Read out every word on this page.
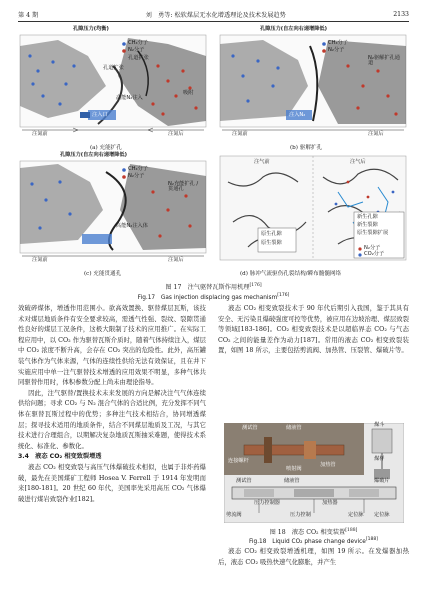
第 4 期	刘　勇等: 松软煤层无水化增透理论及技术发展趋势	2133
孔隙压力(均衡)
CH₄分子
N₂分子
孔道扩张
孔道扩张
吸附
高能N₂注入
注入口
注氮前	注氮后
(a) 充能扩孔
孔隙压力(自左向右递增降低)
CH₄分子
N₂分子
N₂驱解扩孔通道
注入N₂
注氮前	注氮后
(b) 驱解扩孔
孔隙压力(自左向右递增降低)
CH₄分子
N₂分子
N₂充能扩孔 / 贯通孔
高能N₂注入体
注氮前	注氮后
(c) 充能贯通孔
注气前	注气后
原生孔隙
原生裂隙
新生孔隙
新生裂隙
原生裂隙扩展
N₂分子
CO₂分子
(d) 脉冲气流驱伤孔裂结构/瞬布髓髓网络
图 17　注气驱替瓦斯作用机理[176]
Fig.17　Gas injection displacing gas mechanism[176]

效破碎煤体，增透作用范围小。欲高效置换、驱替煤层瓦斯，该技术对煤层地质条件有安全要求较高，需透气性强、裂纹、裂隙贯通性良好的煤层工况条件，这极大限制了技术的应用推广。在实际工程应用中，以 CO₂ 作为驱替瓦斯介质时，随着气体持续注入，煤层中 CO₂ 浓度不断升高，会存在 CO₂ 突出的危险性。此外，高压罐装气体作为气体来源，气体的连续性供给无法有效保证，且在井下实施应用中单一注气驱替技术增透的应用效果不明显，多种气体共同驱替作用时，体积参数分配上尚未由理论指导。

因此，注气驱替/置换技术未来发展的方向是解决注气气体连续供给问题；寻求 CO₂ 与 N₂ 混合气体的合适比例，充分发挥不同气体在驱替瓦斯过程中的优势；多种注气技术相结合，协同增透煤层；探寻技术适用的地质条件，结合不同煤层地质及工况，与其它技术进行合理组合，以期解决复杂地质瓦斯抽采难题，使得技术系统化、标准化、参数化。

3.4　液态 CO₂ 相变致裂增透

液态 CO₂ 相变致裂与高压气体爆破技术相似，也属于非炸药爆破，最先在美国煤矿工程师 Hosea V. Ferrell 于 1914 年发明而来[180-181]。20 世纪 60 年代，美国率先采用高压 CO₂ 气体爆破进行煤岩致裂作业[182]。

液态 CO₂ 相变致裂技术于 90 年代后期引入我国，鉴于其具有安全、无污染且爆破强度可控等优势，被应用在边坡治理、煤层致裂等领域[183-186]。CO₂ 相变致裂技术是以超临界态 CO₂ 与气态 CO₂ 之间的能量差作为动力[187]。常用的液态 CO₂ 相变致裂装置，如图 18 所示，主要包括剪流阀、加热管、压裂管、爆破片等。

测试管	储液管	煤斗
连接螺杆	煤样
加热管
喷射阀
储液管
测试管
剪流阀
压力控制器
爆破片
定位脉
加热器
压力控制	定位脉
图 18　液态 CO₂ 相变装置[188]
Fig.18　Liquid CO₂ phase change device[188]

液态 CO₂ 相变致裂增透机理，如图 19 所示。在发爆器加热后，液态 CO₂ 吸热快速气化膨胀，并产生
